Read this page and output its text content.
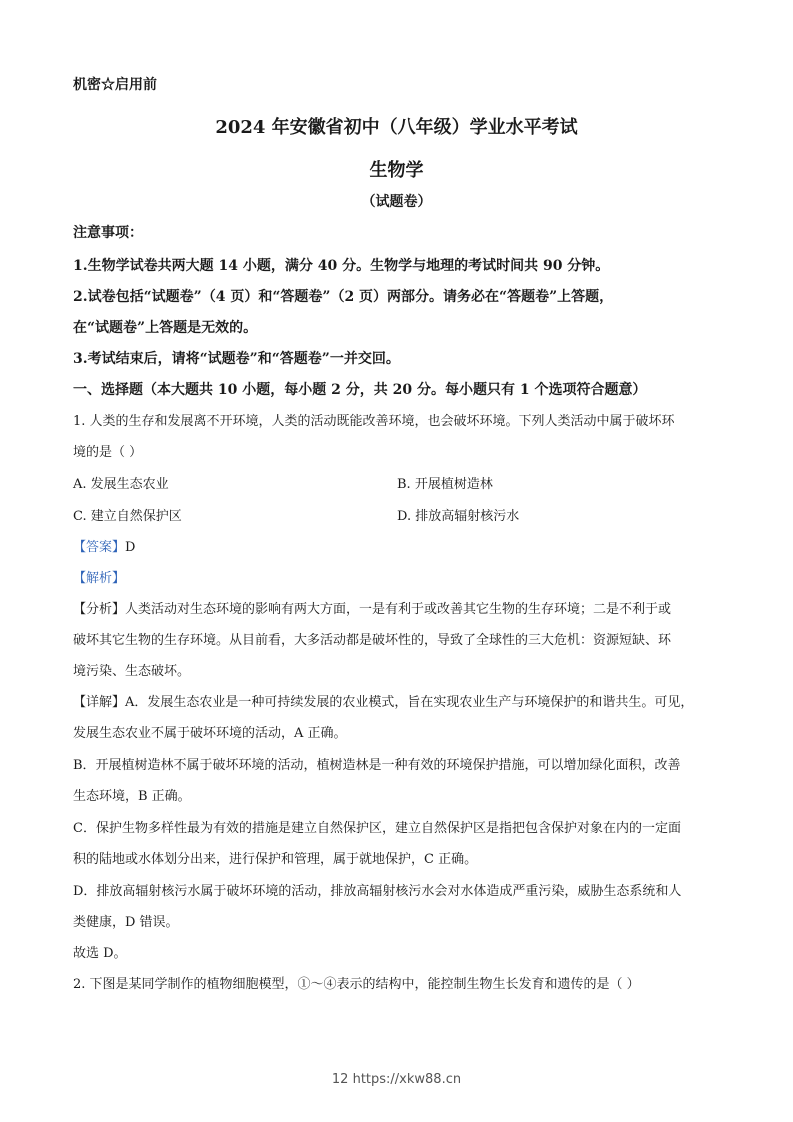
机密☆启用前
2024 年安徽省初中（八年级）学业水平考试
生物学
（试题卷）
注意事项：
1.生物学试卷共两大题 14 小题，满分 40 分。生物学与地理的考试时间共 90 分钟。
2.试卷包括“试题卷”（4 页）和“答题卷”（2 页）两部分。请务必在“答题卷”上答题，
在“试题卷”上答题是无效的。
3.考试结束后，请将“试题卷”和“答题卷”一并交回。
一、选择题（本大题共 10 小题，每小题 2 分，共 20 分。每小题只有 1 个选项符合题意）
1. 人类的生存和发展离不开环境，人类的活动既能改善环境，也会破坏环境。下列人类活动中属于破坏环
境的是（ ）
A. 发展生态农业	B. 开展植树造林
C. 建立自然保护区	D. 排放高辐射核污水
【答案】D
【解析】
【分析】人类活动对生态环境的影响有两大方面，一是有利于或改善其它生物的生存环境；二是不利于或
破坏其它生物的生存环境。从目前看，大多活动都是破坏性的，导致了全球性的三大危机：资源短缺、环
境污染、生态破坏。
【详解】A．发展生态农业是一种可持续发展的农业模式，旨在实现农业生产与环境保护的和谐共生。可见，
发展生态农业不属于破坏环境的活动，A 正确。
B．开展植树造林不属于破坏环境的活动，植树造林是一种有效的环境保护措施，可以增加绿化面积，改善
生态环境，B 正确。
C．保护生物多样性最为有效的措施是建立自然保护区，建立自然保护区是指把包含保护对象在内的一定面
积的陆地或水体划分出来，进行保护和管理，属于就地保护，C 正确。
D．排放高辐射核污水属于破坏环境的活动，排放高辐射核污水会对水体造成严重污染，威胁生态系统和人
类健康，D 错误。
故选 D。
2. 下图是某同学制作的植物细胞模型，①～④表示的结构中，能控制生物生长发育和遗传的是（ ）
12 https://xkw88.cn
